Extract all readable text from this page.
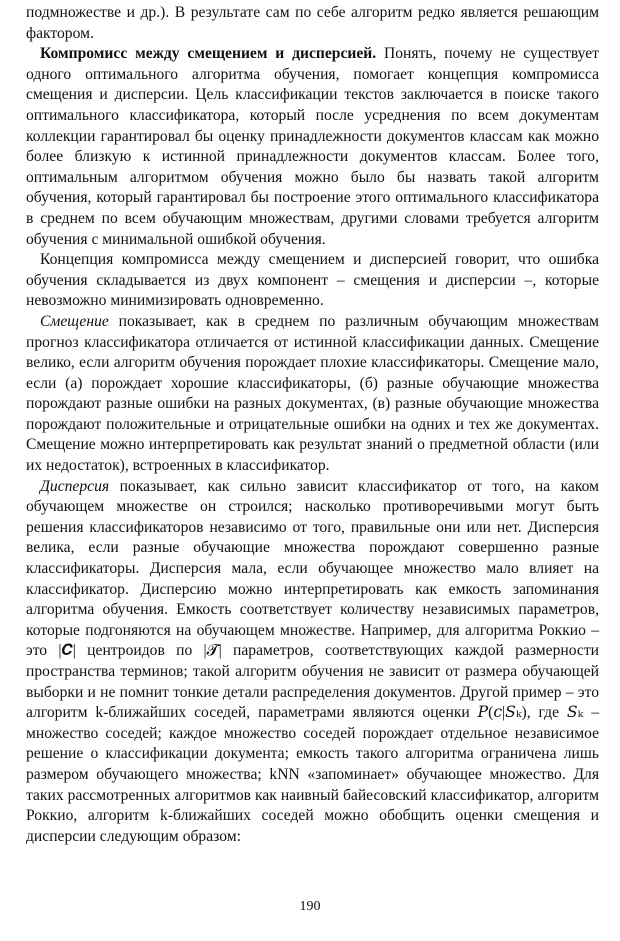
подмножестве и др.). В результате сам по себе алгоритм редко является решающим фактором.

Компромисс между смещением и дисперсией. Понять, почему не существует одного оптимального алгоритма обучения, помогает концепция компромисса смещения и дисперсии. Цель классификации текстов заключается в поиске такого оптимального классификатора, который после усреднения по всем документам коллекции гарантировал бы оценку принадлежности документов классам как можно более близкую к истинной принадлежности документов классам. Более того, оптимальным алгоритмом обучения можно было бы назвать такой алгоритм обучения, который гарантировал бы построение этого оптимального классификатора в среднем по всем обучающим множествам, другими словами требуется алгоритм обучения с минимальной ошибкой обучения.

Концепция компромисса между смещением и дисперсией говорит, что ошибка обучения складывается из двух компонент – смещения и дисперсии –, которые невозможно минимизировать одновременно.

Смещение показывает, как в среднем по различным обучающим множествам прогноз классификатора отличается от истинной классификации данных. Смещение велико, если алгоритм обучения порождает плохие классификаторы. Смещение мало, если (а) порождает хорошие классификаторы, (б) разные обучающие множества порождают разные ошибки на разных документах, (в) разные обучающие множества порождают положительные и отрицательные ошибки на одних и тех же документах. Смещение можно интерпретировать как результат знаний о предметной области (или их недостаток), встроенных в классификатор.

Дисперсия показывает, как сильно зависит классификатор от того, на каком обучающем множестве он строился; насколько противоречивыми могут быть решения классификаторов независимо от того, правильные они или нет. Дисперсия велика, если разные обучающие множества порождают совершенно разные классификаторы. Дисперсия мала, если обучающее множество мало влияет на классификатор. Дисперсию можно интерпретировать как емкость запоминания алгоритма обучения. Емкость соответствует количеству независимых параметров, которые подгоняются на обучающем множестве. Например, для алгоритма Роккио – это |𝑪| центроидов по |𝓣| параметров, соответствующих каждой размерности пространства терминов; такой алгоритм обучения не зависит от размера обучающей выборки и не помнит тонкие детали распределения документов. Другой пример – это алгоритм k-ближайших соседей, параметрами являются оценки 𝑃(𝑐|𝑆ₖ), где 𝑆ₖ – множество соседей; каждое множество соседей порождает отдельное независимое решение о классификации документа; емкость такого алгоритма ограничена лишь размером обучающего множества; kNN «запоминает» обучающее множество. Для таких рассмотренных алгоритмов как наивный байесовский классификатор, алгоритм Роккио, алгоритм k-ближайших соседей можно обобщить оценки смещения и дисперсии следующим образом:

190
